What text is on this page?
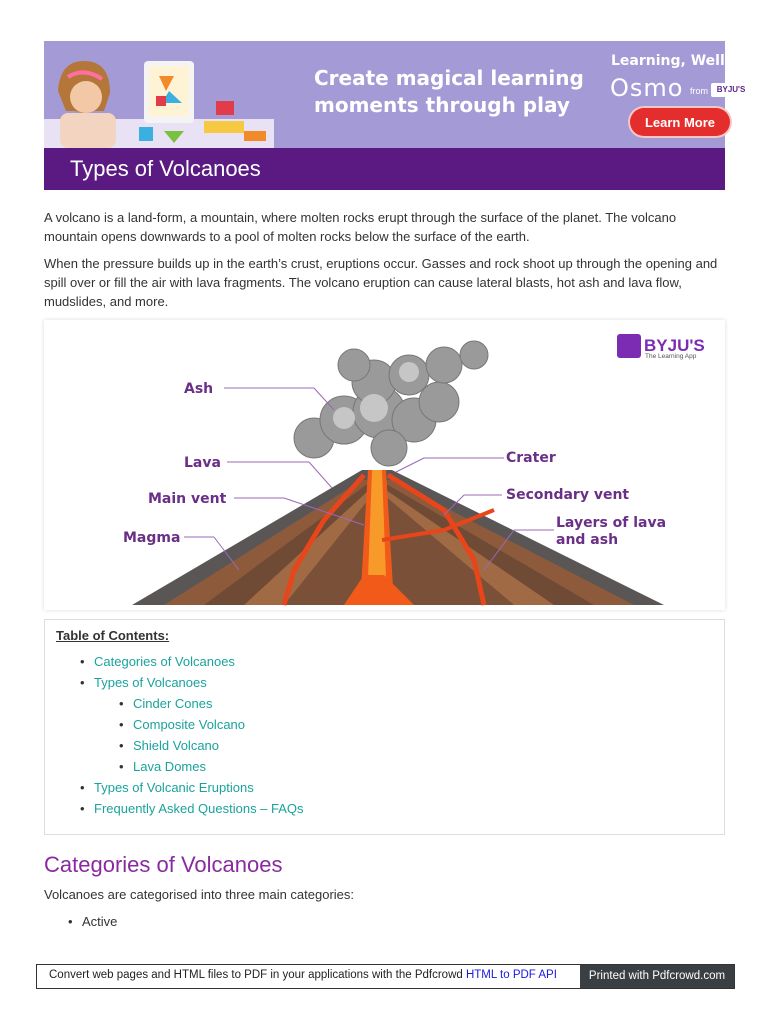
Create magical learning
moments through play
Learning, Well Played
Osmo from	BYJU'S
Learn More
Types of Volcanoes

A volcano is a land-form, a mountain, where molten rocks erupt through the surface of the planet. The volcano mountain opens downwards to a pool of molten rocks below the surface of the earth.

When the pressure builds up in the earth’s crust, eruptions occur. Gasses and rock shoot up through the opening and spill over or fill the air with lava fragments. The volcano eruption can cause lateral blasts, hot ash and lava flow, mudslides, and more.

BYJU'S
The Learning App
Ash
Lava
Main vent
Magma
Crater
Secondary vent
Layers of lava
and ash
Table of Contents:
• Categories of Volcanoes
• Types of Volcanoes
• Cinder Cones
• Composite Volcano
• Shield Volcano
• Lava Domes
• Types of Volcanic Eruptions
• Frequently Asked Questions – FAQs
Categories of Volcanoes

Volcanoes are categorised into three main categories:

• Active
Convert web pages and HTML files to PDF in your applications with the Pdfcrowd HTML to PDF API	Printed with Pdfcrowd.com
